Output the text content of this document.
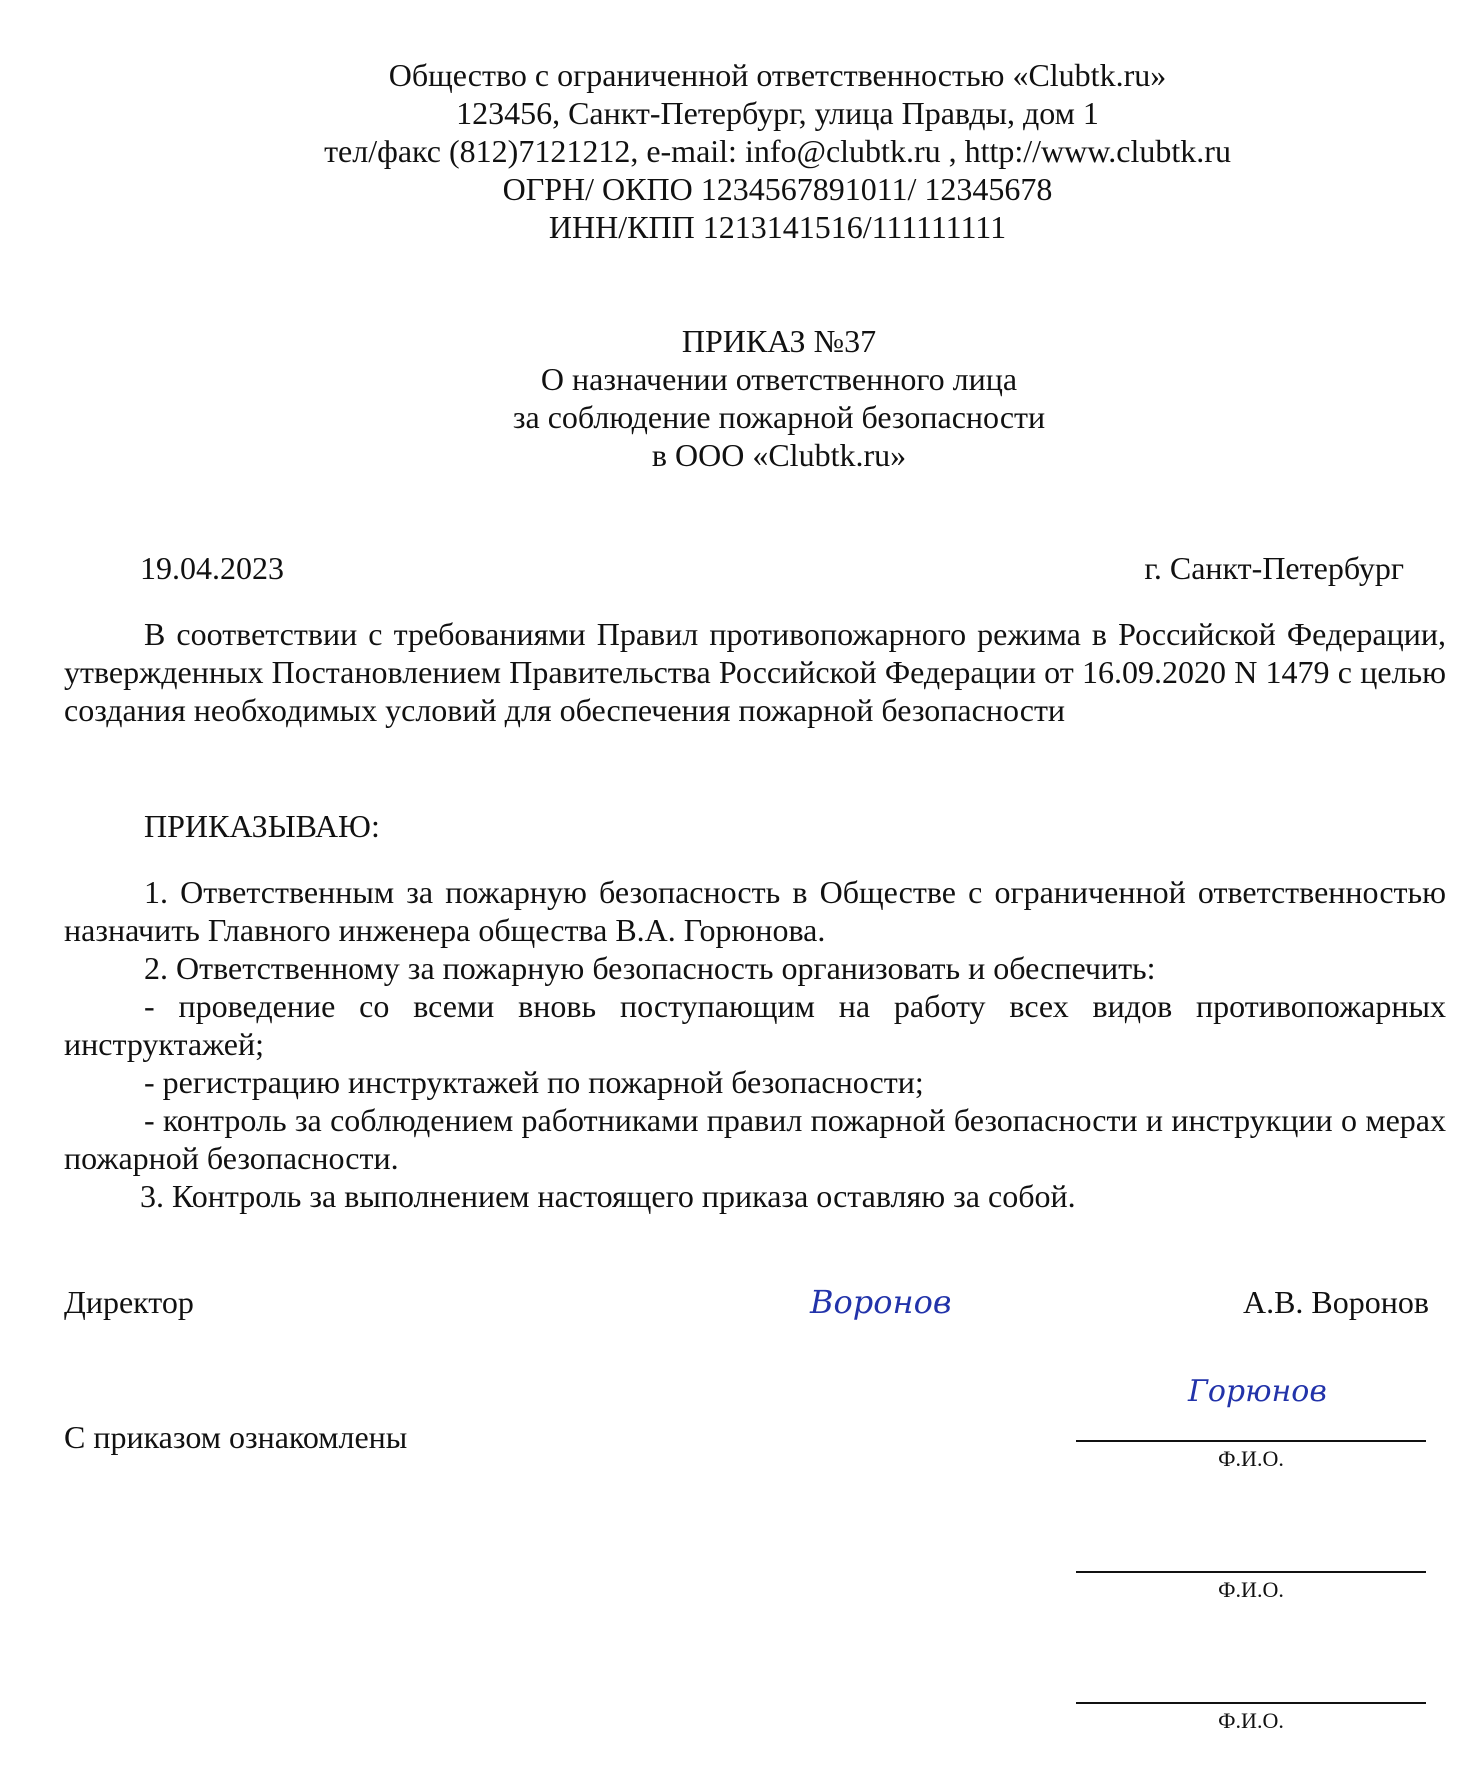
Общество с ограниченной ответственностью «Clubtk.ru»
123456, Санкт-Петербург, улица Правды, дом 1
тел/факс (812)7121212, e-mail: info@clubtk.ru , http://www.clubtk.ru
ОГРН/ ОКПО 1234567891011/ 12345678
ИНН/КПП 1213141516/111111111
ПРИКАЗ №37
О назначении ответственного лица
за соблюдение пожарной безопасности
в ООО «Clubtk.ru»
19.04.2023	г. Санкт-Петербург
В соответствии с требованиями Правил противопожарного режима в Российской Федерации, утвержденных Постановлением Правительства Российской Федерации от 16.09.2020 N 1479 с целью создания необходимых условий для обеспечения пожарной безопасности
ПРИКАЗЫВАЮ:
1. Ответственным за пожарную безопасность в Обществе с ограниченной ответственностью назначить Главного инженера общества В.А. Горюнова.
2. Ответственному за пожарную безопасность организовать и обеспечить:
- проведение со всеми вновь поступающим на работу всех видов противопожарных инструктажей;
- регистрацию инструктажей по пожарной безопасности;
- контроль за соблюдением работниками правил пожарной безопасности и инструкции о мерах пожарной безопасности.
3. Контроль за выполнением настоящего приказа оставляю за собой.
Директор	Воронов	А.В. Воронов
Горюнов
С приказом ознакомлены
Ф.И.О.
Ф.И.О.
Ф.И.О.
